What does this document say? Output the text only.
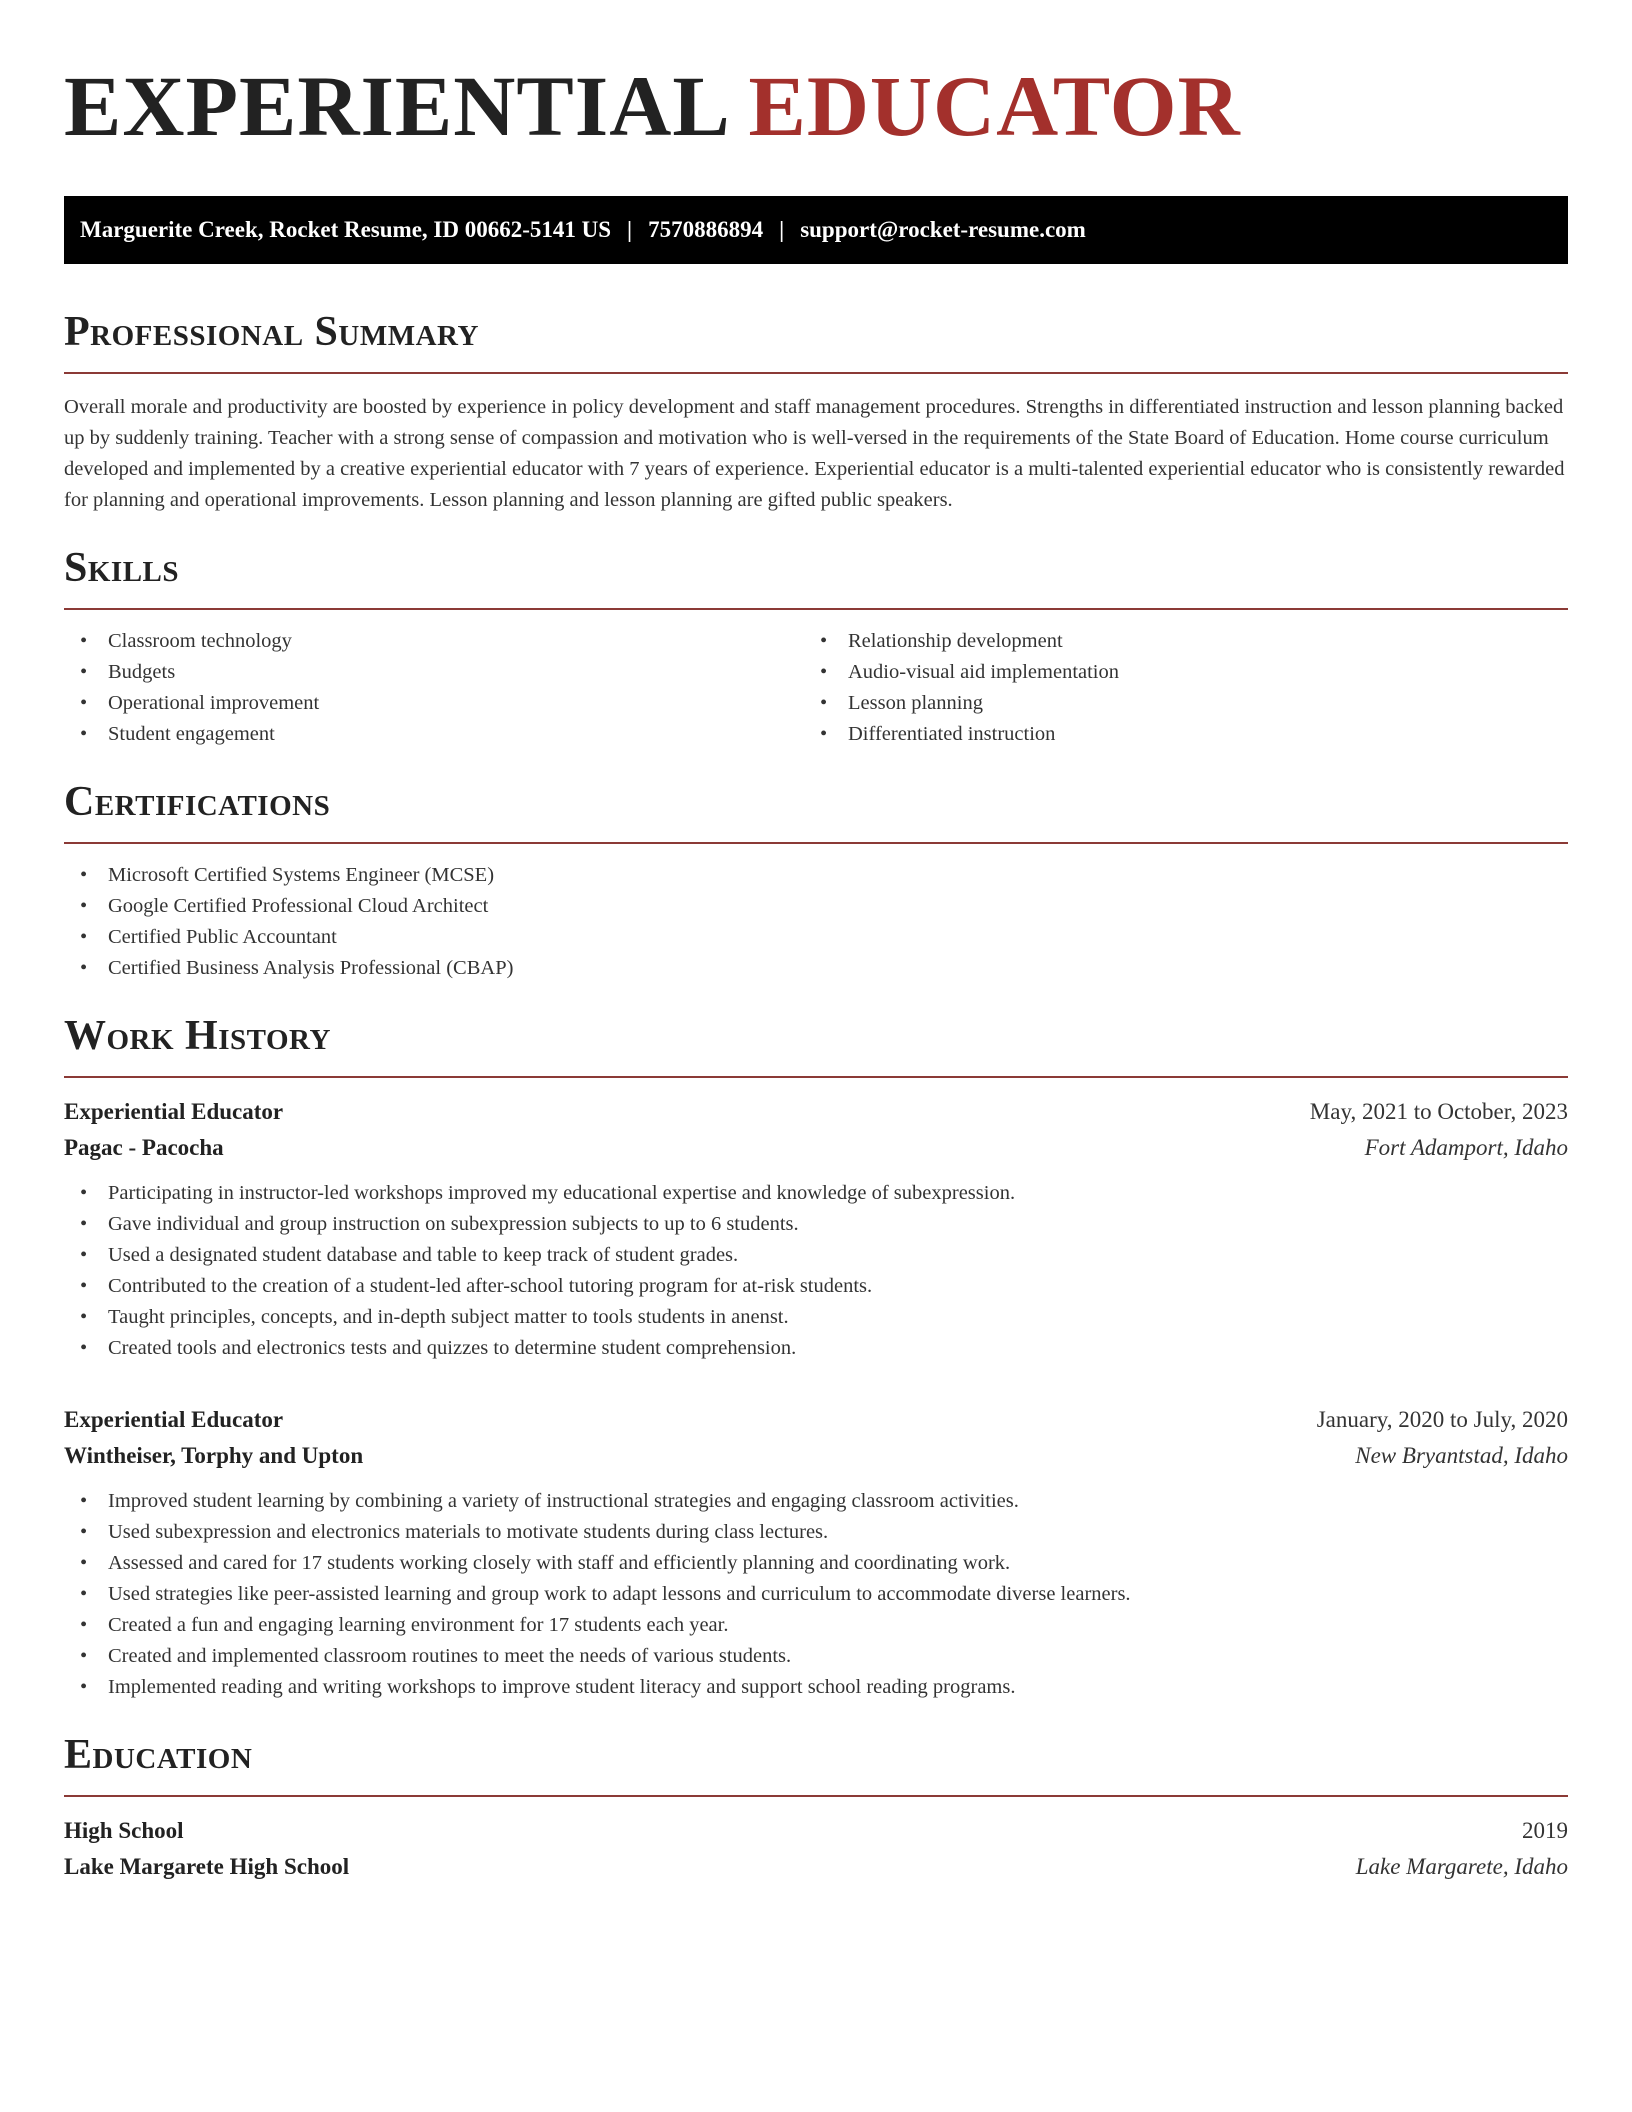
EXPERIENTIAL EDUCATOR
Marguerite Creek, Rocket Resume, ID 00662-5141 US | 7570886894 | support@rocket-resume.com
Professional Summary

Overall morale and productivity are boosted by experience in policy development and staff management procedures. Strengths in differentiated instruction and lesson planning backed up by suddenly training. Teacher with a strong sense of compassion and motivation who is well-versed in the requirements of the State Board of Education. Home course curriculum developed and implemented by a creative experiential educator with 7 years of experience. Experiential educator is a multi-talented experiential educator who is consistently rewarded for planning and operational improvements. Lesson planning and lesson planning are gifted public speakers.

Skills
• Classroom technology
• Budgets
• Operational improvement
• Student engagement
• Relationship development
• Audio-visual aid implementation
• Lesson planning
• Differentiated instruction
Certifications
• Microsoft Certified Systems Engineer (MCSE)
• Google Certified Professional Cloud Architect
• Certified Public Accountant
• Certified Business Analysis Professional (CBAP)
Work History
Experiential Educator	May, 2021 to October, 2023
Pagac - Pacocha	Fort Adamport, Idaho
• Participating in instructor-led workshops improved my educational expertise and knowledge of subexpression.
• Gave individual and group instruction on subexpression subjects to up to 6 students.
• Used a designated student database and table to keep track of student grades.
• Contributed to the creation of a student-led after-school tutoring program for at-risk students.
• Taught principles, concepts, and in-depth subject matter to tools students in anenst.
• Created tools and electronics tests and quizzes to determine student comprehension.
Experiential Educator	January, 2020 to July, 2020
Wintheiser, Torphy and Upton	New Bryantstad, Idaho
• Improved student learning by combining a variety of instructional strategies and engaging classroom activities.
• Used subexpression and electronics materials to motivate students during class lectures.
• Assessed and cared for 17 students working closely with staff and efficiently planning and coordinating work.
• Used strategies like peer-assisted learning and group work to adapt lessons and curriculum to accommodate diverse learners.
• Created a fun and engaging learning environment for 17 students each year.
• Created and implemented classroom routines to meet the needs of various students.
• Implemented reading and writing workshops to improve student literacy and support school reading programs.
Education
High School	2019
Lake Margarete High School	Lake Margarete, Idaho
